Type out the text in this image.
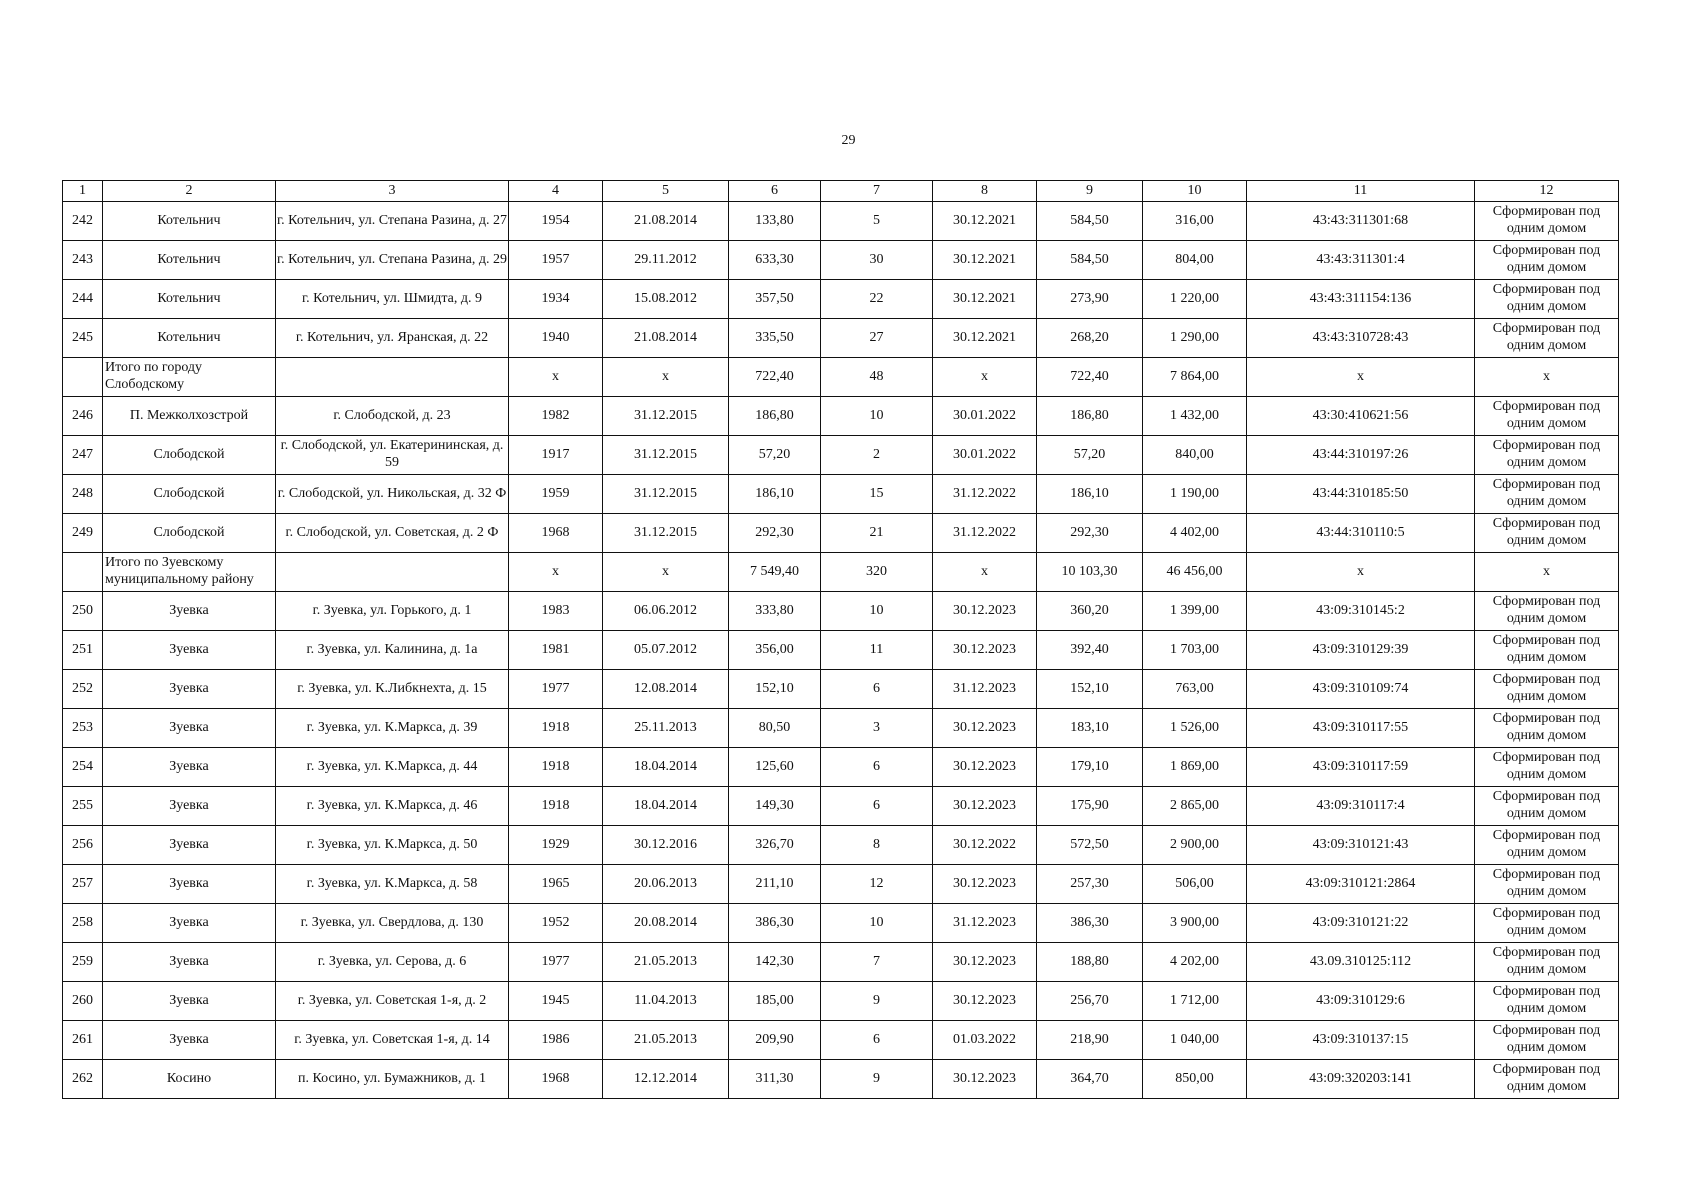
29
1	2	3	4	5	6	7	8	9	10	11	12
242	Котельнич	г. Котельнич, ул. Степана Разина, д. 27	1954	21.08.2014	133,80	5	30.12.2021	584,50	316,00	43:43:311301:68	Сформирован под одним домом
243	Котельнич	г. Котельнич, ул. Степана Разина, д. 29	1957	29.11.2012	633,30	30	30.12.2021	584,50	804,00	43:43:311301:4	Сформирован под одним домом
244	Котельнич	г. Котельнич, ул. Шмидта, д. 9	1934	15.08.2012	357,50	22	30.12.2021	273,90	1 220,00	43:43:311154:136	Сформирован под одним домом
245	Котельнич	г. Котельнич, ул. Яранская, д. 22	1940	21.08.2014	335,50	27	30.12.2021	268,20	1 290,00	43:43:310728:43	Сформирован под одним домом
	Итого по городу Слободскому		х	х	722,40	48	х	722,40	7 864,00	х	х
246	П. Межколхозстрой	г. Слободской, д. 23	1982	31.12.2015	186,80	10	30.01.2022	186,80	1 432,00	43:30:410621:56	Сформирован под одним домом
247	Слободской	г. Слободской, ул. Екатерининская, д. 59	1917	31.12.2015	57,20	2	30.01.2022	57,20	840,00	43:44:310197:26	Сформирован под одним домом
248	Слободской	г. Слободской, ул. Никольская, д. 32 Ф	1959	31.12.2015	186,10	15	31.12.2022	186,10	1 190,00	43:44:310185:50	Сформирован под одним домом
249	Слободской	г. Слободской, ул. Советская, д. 2 Ф	1968	31.12.2015	292,30	21	31.12.2022	292,30	4 402,00	43:44:310110:5	Сформирован под одним домом
	Итого по Зуевскому муниципальному району		х	х	7 549,40	320	х	10 103,30	46 456,00	х	х
250	Зуевка	г. Зуевка, ул. Горького, д. 1	1983	06.06.2012	333,80	10	30.12.2023	360,20	1 399,00	43:09:310145:2	Сформирован под одним домом
251	Зуевка	г. Зуевка, ул. Калинина, д. 1а	1981	05.07.2012	356,00	11	30.12.2023	392,40	1 703,00	43:09:310129:39	Сформирован под одним домом
252	Зуевка	г. Зуевка, ул. К.Либкнехта, д. 15	1977	12.08.2014	152,10	6	31.12.2023	152,10	763,00	43:09:310109:74	Сформирован под одним домом
253	Зуевка	г. Зуевка, ул. К.Маркса, д. 39	1918	25.11.2013	80,50	3	30.12.2023	183,10	1 526,00	43:09:310117:55	Сформирован под одним домом
254	Зуевка	г. Зуевка, ул. К.Маркса, д. 44	1918	18.04.2014	125,60	6	30.12.2023	179,10	1 869,00	43:09:310117:59	Сформирован под одним домом
255	Зуевка	г. Зуевка, ул. К.Маркса, д. 46	1918	18.04.2014	149,30	6	30.12.2023	175,90	2 865,00	43:09:310117:4	Сформирован под одним домом
256	Зуевка	г. Зуевка, ул. К.Маркса, д. 50	1929	30.12.2016	326,70	8	30.12.2022	572,50	2 900,00	43:09:310121:43	Сформирован под одним домом
257	Зуевка	г. Зуевка, ул. К.Маркса, д. 58	1965	20.06.2013	211,10	12	30.12.2023	257,30	506,00	43:09:310121:2864	Сформирован под одним домом
258	Зуевка	г. Зуевка, ул. Свердлова, д. 130	1952	20.08.2014	386,30	10	31.12.2023	386,30	3 900,00	43:09:310121:22	Сформирован под одним домом
259	Зуевка	г. Зуевка, ул. Серова, д. 6	1977	21.05.2013	142,30	7	30.12.2023	188,80	4 202,00	43.09.310125:112	Сформирован под одним домом
260	Зуевка	г. Зуевка, ул. Советская 1-я, д. 2	1945	11.04.2013	185,00	9	30.12.2023	256,70	1 712,00	43:09:310129:6	Сформирован под одним домом
261	Зуевка	г. Зуевка, ул. Советская 1-я, д. 14	1986	21.05.2013	209,90	6	01.03.2022	218,90	1 040,00	43:09:310137:15	Сформирован под одним домом
262	Косино	п. Косино, ул. Бумажников, д. 1	1968	12.12.2014	311,30	9	30.12.2023	364,70	850,00	43:09:320203:141	Сформирован под одним домом
